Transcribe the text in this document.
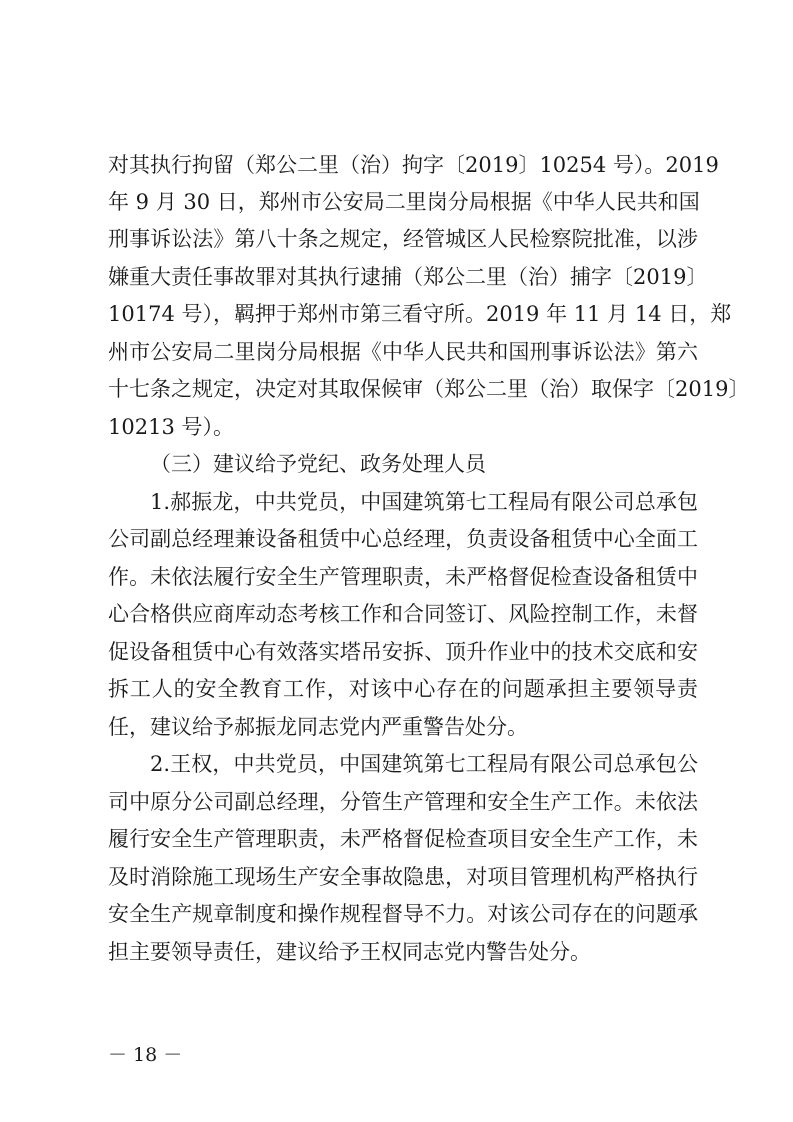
对其执行拘留（郑公二里（治）拘字〔2019〕10254 号）。2019
年 9 月 30 日，郑州市公安局二里岗分局根据《中华人民共和国
刑事诉讼法》第八十条之规定，经管城区人民检察院批准，以涉
嫌重大责任事故罪对其执行逮捕（郑公二里（治）捕字〔2019〕
10174 号），羁押于郑州市第三看守所。2019 年 11 月 14 日，郑
州市公安局二里岗分局根据《中华人民共和国刑事诉讼法》第六
十七条之规定，决定对其取保候审（郑公二里（治）取保字〔2019〕
10213 号）。
（三）建议给予党纪、政务处理人员
1.郝振龙，中共党员，中国建筑第七工程局有限公司总承包
公司副总经理兼设备租赁中心总经理，负责设备租赁中心全面工
作。未依法履行安全生产管理职责，未严格督促检查设备租赁中
心合格供应商库动态考核工作和合同签订、风险控制工作，未督
促设备租赁中心有效落实塔吊安拆、顶升作业中的技术交底和安
拆工人的安全教育工作，对该中心存在的问题承担主要领导责
任，建议给予郝振龙同志党内严重警告处分。
2.王权，中共党员，中国建筑第七工程局有限公司总承包公
司中原分公司副总经理，分管生产管理和安全生产工作。未依法
履行安全生产管理职责，未严格督促检查项目安全生产工作，未
及时消除施工现场生产安全事故隐患，对项目管理机构严格执行
安全生产规章制度和操作规程督导不力。对该公司存在的问题承
担主要领导责任，建议给予王权同志党内警告处分。
－ 18 －
